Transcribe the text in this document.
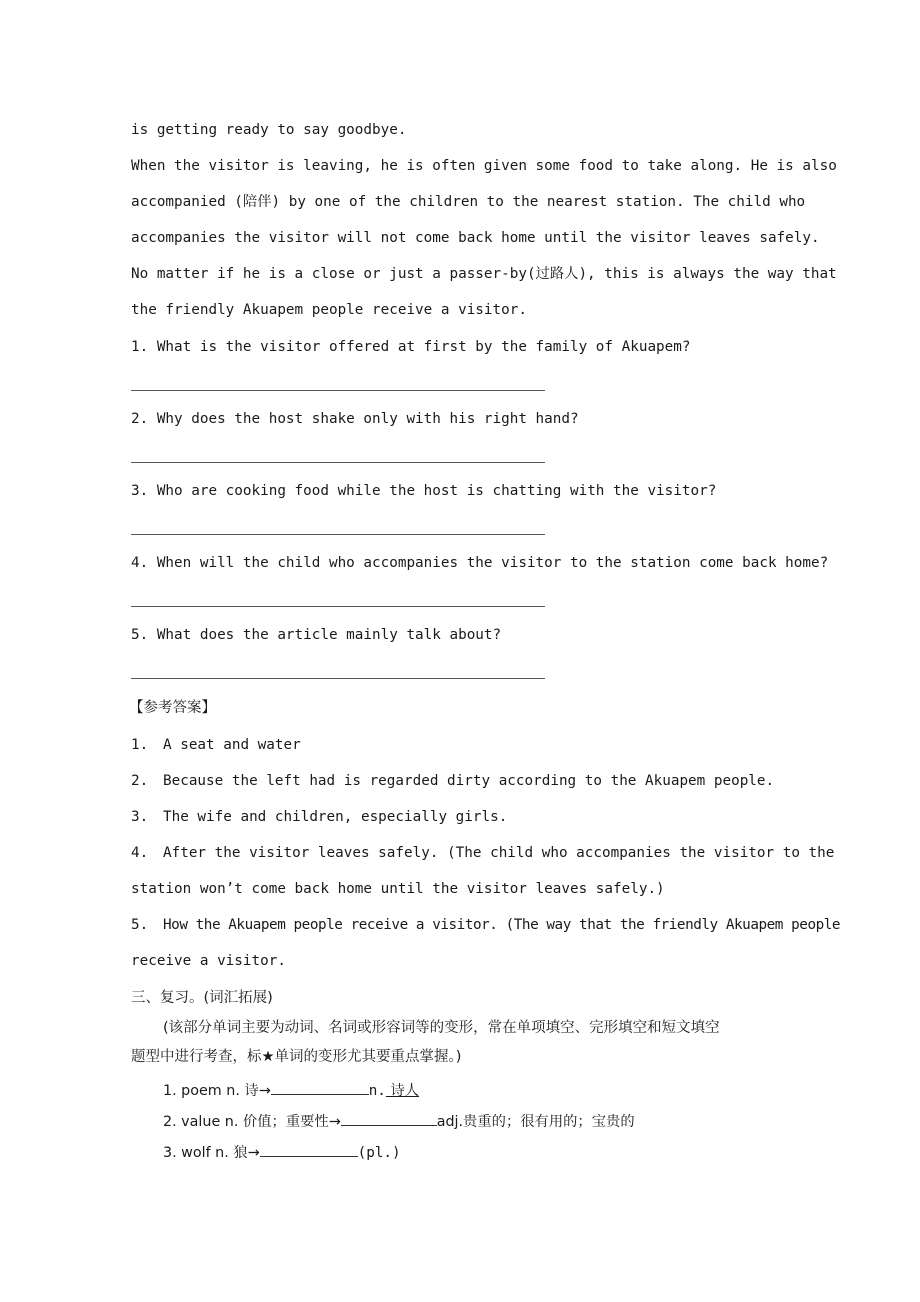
is getting ready to say goodbye.
When the visitor is leaving, he is often given some food to take along. He is also
accompanied (陪伴) by one of the children to the nearest station. The child who
accompanies the visitor will not come back home until the visitor leaves safely.
No matter if he is a close or just a passer-by(过路人), this is always the way that
the friendly Akuapem people receive a visitor.
1. What is the visitor offered at first by the family of Akuapem?
2. Why does the host shake only with his right hand?
3. Who are cooking food while the host is chatting with the visitor?
4. When will the child who accompanies the visitor to the station come back home?
5. What does the article mainly talk about?
【参考答案】
1. A seat and water
2. Because the left had is regarded dirty according to the Akuapem people.
3. The wife and children, especially girls.
4. After the visitor leaves safely. (The child who accompanies the visitor to the
station won’t come back home until the visitor leaves safely.)
5. How the Akuapem people receive a visitor. (The way that the friendly Akuapem people
receive a visitor.
三、复习。(词汇拓展)
(该部分单词主要为动词、名词或形容词等的变形，常在单项填空、完形填空和短文填空
题型中进行考查，标★单词的变形尤其要重点掌握。)
1. poem n. 诗→	n. 诗人
2. value n. 价值；重要性→	adj.贵重的；很有用的；宝贵的
3. wolf n. 狼→	(pl.)
